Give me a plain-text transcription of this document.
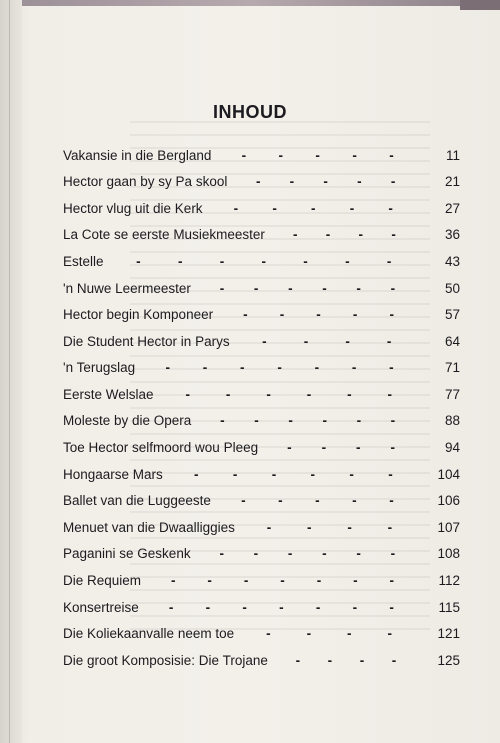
INHOUD
Vakansie in die Bergland - - - - -	11
Hector gaan by sy Pa skool - - - - -	21
Hector vlug uit die Kerk -	-	-	-	-	27
La Cote se eerste Musiekmeester - - - -	36
Estelle -	-	-	-	-	-	-	43
'n Nuwe Leermeester - - - - - -	50
Hector begin Komponeer - - - - -	57
Die Student Hector in Parys -	-	-	-	64
'n Terugslag - - - - - - -	71
Eerste Welslae -	-	-	-	-	-	77
Moleste by die Opera - - - - - -	88
Toe Hector selfmoord wou Pleeg - - - -	94
Hongaarse Mars -	-	-	-	-	-	104
Ballet van die Luggeeste - - - - -	106
Menuet van die Dwaalliggies -	-	-	-	107
Paganini se Geskenk - - - - - -	108
Die Requiem - - - - - - -	112
Konsertreise - - - - - - -	115
Die Koliekaanvalle neem toe -	-	-	-	121
Die groot Komposisie: Die Trojane - - - -	125
